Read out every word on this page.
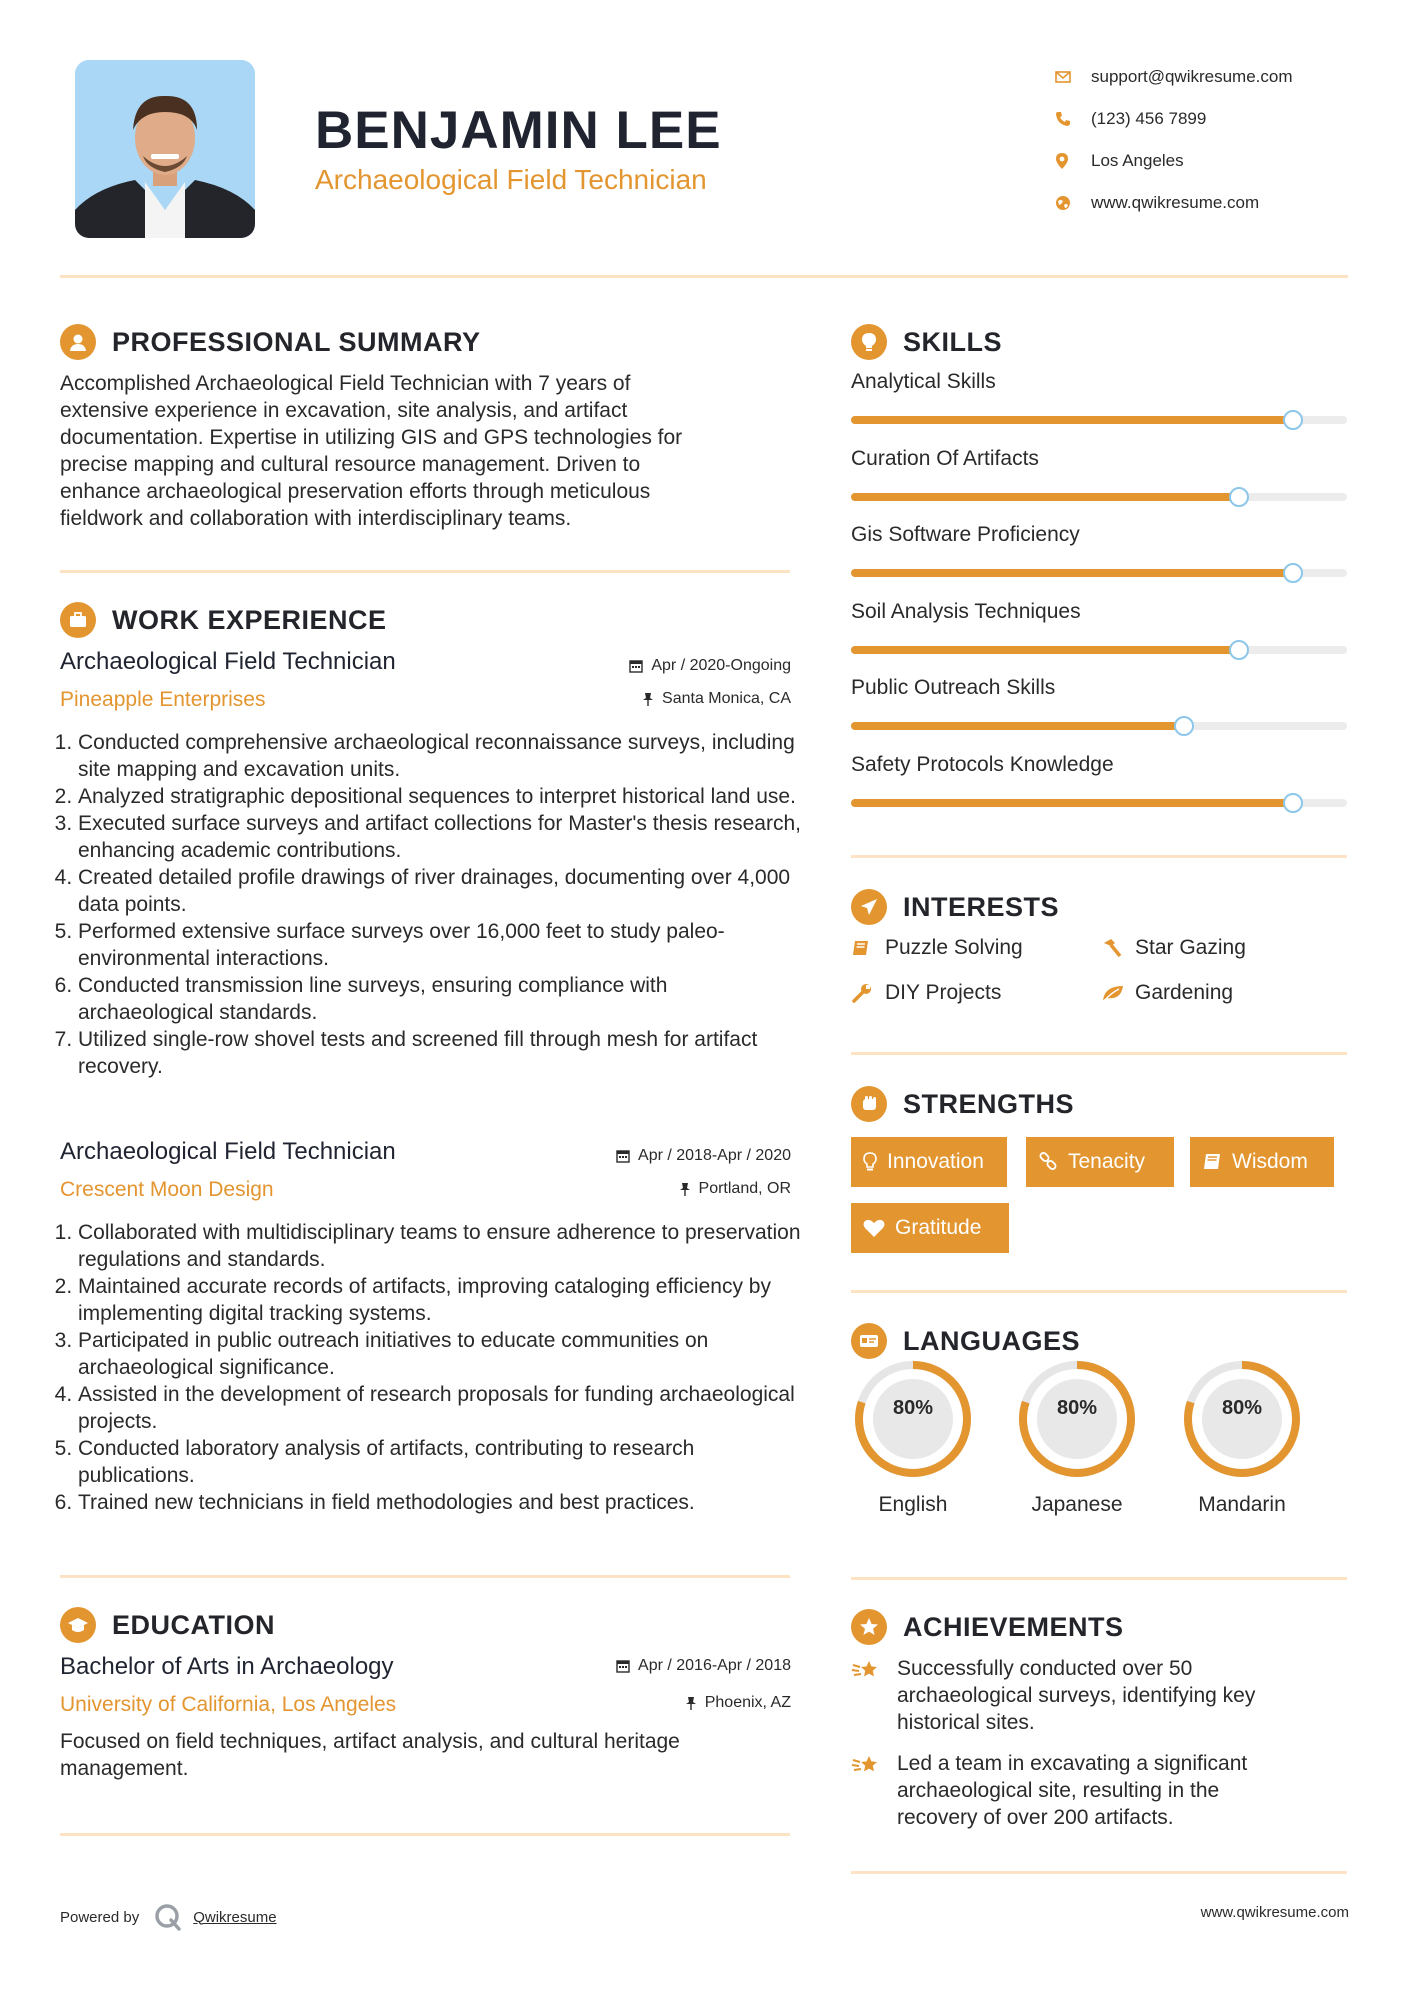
BENJAMIN LEE
Archaeological Field Technician
support@qwikresume.com
(123) 456 7899
Los Angeles
www.qwikresume.com
PROFESSIONAL SUMMARY
Accomplished Archaeological Field Technician with 7 years of
extensive experience in excavation, site analysis, and artifact
documentation. Expertise in utilizing GIS and GPS technologies for
precise mapping and cultural resource management. Driven to
enhance archaeological preservation efforts through meticulous
fieldwork and collaboration with interdisciplinary teams.
WORK EXPERIENCE
Archaeological Field Technician
Pineapple Enterprises
Apr / 2020-Ongoing
Santa Monica, CA
1. Conducted comprehensive archaeological reconnaissance surveys, including site mapping and excavation units.
2. Analyzed stratigraphic depositional sequences to interpret historical land use.
3. Executed surface surveys and artifact collections for Master's thesis research, enhancing academic contributions.
4. Created detailed profile drawings of river drainages, documenting over 4,000 data points.
5. Performed extensive surface surveys over 16,000 feet to study paleo-environmental interactions.
6. Conducted transmission line surveys, ensuring compliance with archaeological standards.
7. Utilized single-row shovel tests and screened fill through mesh for artifact recovery.
Archaeological Field Technician
Crescent Moon Design
Apr / 2018-Apr / 2020
Portland, OR
1. Collaborated with multidisciplinary teams to ensure adherence to preservation regulations and standards.
2. Maintained accurate records of artifacts, improving cataloging efficiency by implementing digital tracking systems.
3. Participated in public outreach initiatives to educate communities on archaeological significance.
4. Assisted in the development of research proposals for funding archaeological projects.
5. Conducted laboratory analysis of artifacts, contributing to research publications.
6. Trained new technicians in field methodologies and best practices.
EDUCATION
Bachelor of Arts in Archaeology
University of California, Los Angeles
Apr / 2016-Apr / 2018
Phoenix, AZ
Focused on field techniques, artifact analysis, and cultural heritage management.
SKILLS
Analytical Skills
Curation Of Artifacts
Gis Software Proficiency
Soil Analysis Techniques
Public Outreach Skills
Safety Protocols Knowledge
INTERESTS
Puzzle Solving	Star Gazing
DIY Projects	Gardening
STRENGTHS
Innovation	Tenacity	Wisdom
Gratitude
LANGUAGES
80%
English
80%
Japanese
80%
Mandarin
ACHIEVEMENTS
Successfully conducted over 50
archaeological surveys, identifying key
historical sites.
Led a team in excavating a significant
archaeological site, resulting in the
recovery of over 200 artifacts.
Powered by	Qwikresume	www.qwikresume.com
